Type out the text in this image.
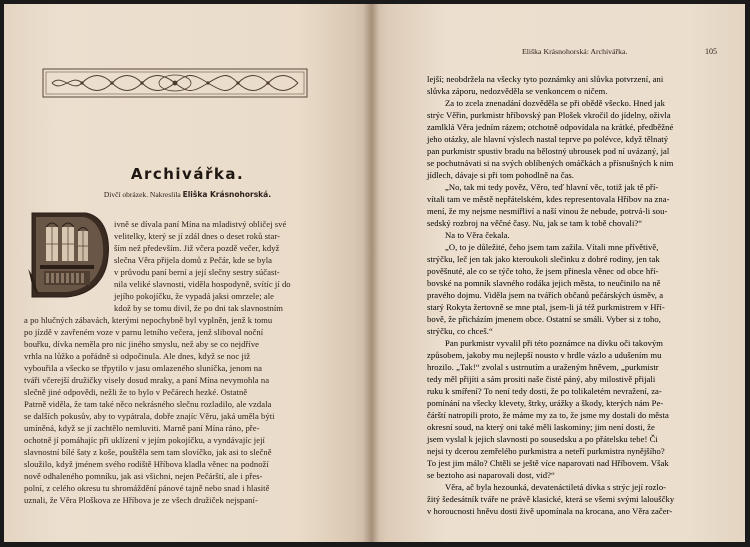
Archivářka.
Divčí obrázek. Nakreslila Eliška Krásnohorská.
ivně se dívala paní Mína na mladistvý obličej své
velitelky, který se jí zdál dnes o deset roků star-
ším než především. Již včera pozdě večer, když
slečna Věra přijela domů z Pečár, kde se byla
v průvodu paní berní a její slečny sestry súčast-
nila veliké slavnosti, viděla hospodyně, svítíc jí do
jejího pokojíčku, že vypadá jaksi omrzele; ale
kdož by se tomu divil, že po dni tak slavnostním
a po hlučných zábavách, kterými nepochybně byl vyplněn, jenž k tomu
po jízdě v zavřeném voze v parnu letního večera, jenž sliboval noční
bouřku, dívka neměla pro nic jiného smyslu, než aby se co nejdříve
vrhla na lůžko a pořádně si odpočinula. Ale dnes, když se noc již
vybouřila a všecko se třpytilo v jasu omlazeného sluníčka, jenom na
tváři včerejší družičky visely dosud mraky, a paní Mína nevymohla na
slečně jiné odpovědi, nežli že to bylo v Pečárech hezké. Ostatně
Patrně viděla, že tam také něco nekrásného slečnu rozladilo, ale vzdala
se dalších pokusův, aby to vypátrala, dobře znajíc Věru, jaká uměla býti
umíněná, když se jí zachtělo nemluviti. Marně paní Mína ráno, pře-
ochotně jí pomáhajíc při uklízení v jejím pokojíčku, a vyndávajíc její
slavnostní bílé šaty z koše, pouštěla sem tam slovíčko, jak asi to slečně
sloužilo, když jménem svého rodiště Hříbova kladla věnec na podnoží
nově odhaleného pomníku, jak asi všichni, nejen Pečárští, ale i přes-
polní, z celého okresu tu shromáždění pánové tajně nebo snad i hlasitě
uznali, že Věra Ploškova ze Hříbova je ze všech družiček nejspaní-
Eliška Krásnohorská: Archivářka.	105
lejší; neobdržela na všecky tyto poznámky ani slůvka potvrzení, ani
slůvka záporu, nedozvěděla se venkoncem o ničem.
Za to zcela znenadání dozvěděla se při obědě všecko. Hned jak
strýc Věřin, purkmistr hříbovský pan Plošek vkročil do jídelny, oživla
zamlklá Věra jedním rázem; otchotně odpovídala na krátké, předběžné
jeho otázky, ale hlavní výslech nastal teprve po polévce, když tělnatý
pan purkmistr spustiv bradu na bělostný ubrousek pod ní uvázaný, jal
se pochutnávati si na svých oblíbených omáčkách a přísnušných k nim
jídlech, dávaje si při tom pohodlně na čas.
„No, tak mi tedy pověz, Věro, teď hlavní věc, totiž jak tě pří-
vítali tam ve městě nepřátelském, kdes representovala Hříbov na zna-
mení, že my nejsme nesmiřliví a naší vinou že nebude, potrvá-li sou-
sedský rozbroj na věčné časy. Nu, jak se tam k tobě chovali?“
Na to Věra čekala.
„O, to je důležité, čeho jsem tam zažila. Vítali mne přívětivě,
strýčku, leč jen tak jako kteroukoli slečinku z dobré rodiny, jen tak
pověšnuté, ale co se týče toho, že jsem přinesla věnec od obce hří-
bovské na pomník slavného rodáka jejich města, to neučinilo na ně
pravého dojmu. Viděla jsem na tvářích občanů pečárských úsměv, a
starý Rokyta žertovně se mne ptal, jsem-li já též purkmistrem v Hří-
bově, že přicházím jmenem obce. Ostatní se smáli. Vyber si z toho,
strýčku, co chceš.“
Pan purkmistr vyvalil při této poznámce na dívku oči takovým
způsobem, jakoby mu nejlepší nousto v hrdle vázlo a udušením mu
hrozilo. „Tak!“ zvolal s ustrnutím a uraženým hněvem, „purkmistr
tedy měl přijíti a sám prositi naše čisté páný, aby milostivě přijali
ruku k smíření? To není tedy dosti, že po tolikaletém nevražení, za-
pomínání na všecky klevety, štrky, urážky a škody, kterých nám Pe-
čárští natropili proto, že máme my za to, že jsme my dostali do města
okresní soud, na který oni také měli laskominy; jim není dosti, že
jsem vyslal k jejich slavnosti po sousedsku a po přátelsku tebe! Či
nejsi ty dcerou zemřelého purkmistra a neteří purkmistra nynějšího?
To jest jim málo? Chtěli se ještě více naparovati nad Hříbovem. Však
se beztoho asi naparovali dost, vid?“
Věra, ač byla hezounká, devatenáctiletá dívka s strýc její rozlo-
žitý šedesátník tváře ne právě klasické, která se všemi svými lalouščky
v horoucnosti hněvu dosti živě upomínala na krocana, ano Věra začer-
